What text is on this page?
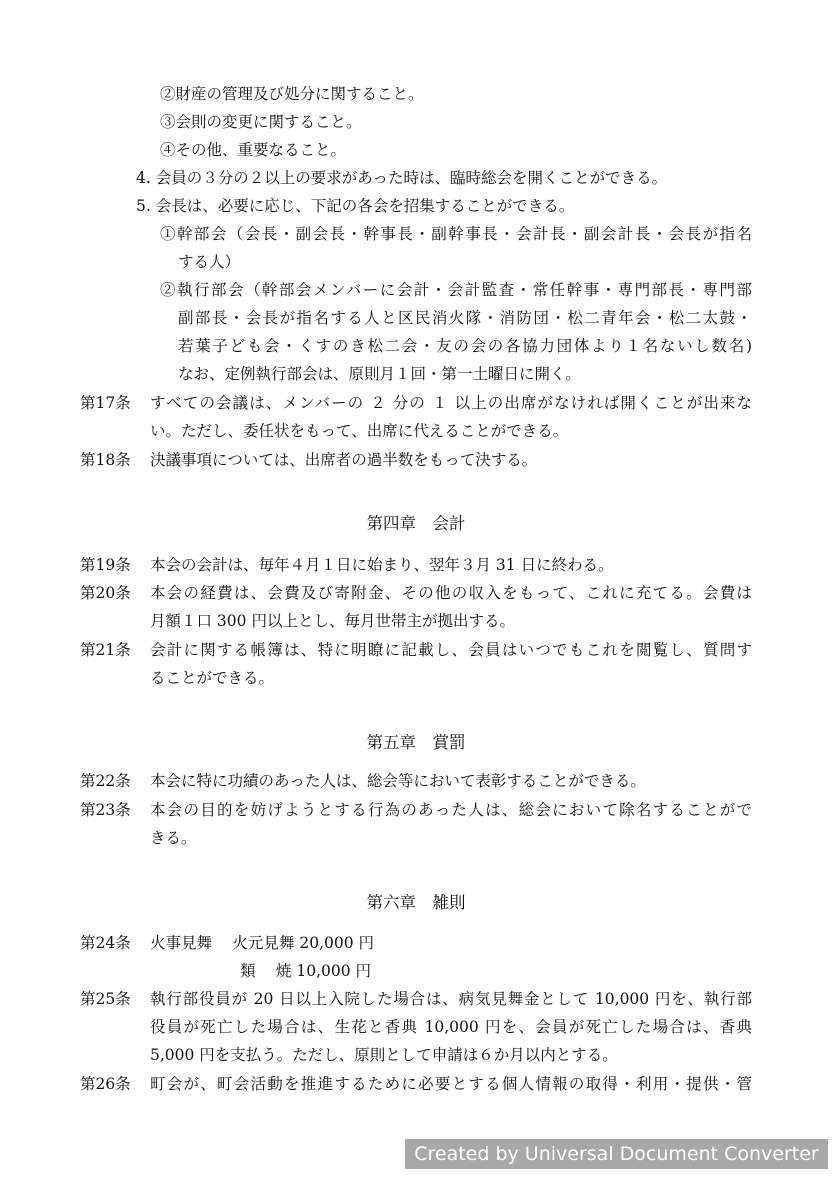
②財産の管理及び処分に関すること。
③会則の変更に関すること。
④その他、重要なること。
4. 会員の３分の２以上の要求があった時は、臨時総会を開くことができる。
5. 会長は、必要に応じ、下記の各会を招集することができる。
①幹部会（会長・副会長・幹事長・副幹事長・会計長・副会計長・会長が指名
する人）
②執行部会（幹部会メンバーに会計・会計監査・常任幹事・専門部長・専門部
副部長・会長が指名する人と区民消火隊・消防団・松二青年会・松二太鼓・
若葉子ども会・くすのき松二会・友の会の各協力団体より１名ないし数名)
なお、定例執行部会は、原則月１回・第一土曜日に開く。
第17条 すべての会議は、メンバーの ２ 分の １ 以上の出席がなければ開くことが出来な
い。ただし、委任状をもって、出席に代えることができる。
第18条 決議事項については、出席者の過半数をもって決する。
第四章　会計
第19条 本会の会計は、毎年４月１日に始まり、翌年３月 31 日に終わる。
第20条 本会の経費は、会費及び寄附金、その他の収入をもって、これに充てる。会費は
月額１口 300 円以上とし、毎月世帯主が拠出する。
第21条 会計に関する帳簿は、特に明瞭に記載し、会員はいつでもこれを閲覧し、質問す
ることができる。
第五章　賞罰
第22条 本会に特に功績のあった人は、総会等において表彰することができる。
第23条 本会の目的を妨げようとする行為のあった人は、総会において除名することがで
きる。
第六章　雑則
第24条 火事見舞　 火元見舞 20,000 円
類　 焼 10,000 円
第25条 執行部役員が 20 日以上入院した場合は、病気見舞金として 10,000 円を、執行部
役員が死亡した場合は、生花と香典 10,000 円を、会員が死亡した場合は、香典
5,000 円を支払う。ただし、原則として申請は６か月以内とする。
第26条 町会が、町会活動を推進するために必要とする個人情報の取得・利用・提供・管
Created by Universal Document Converter
